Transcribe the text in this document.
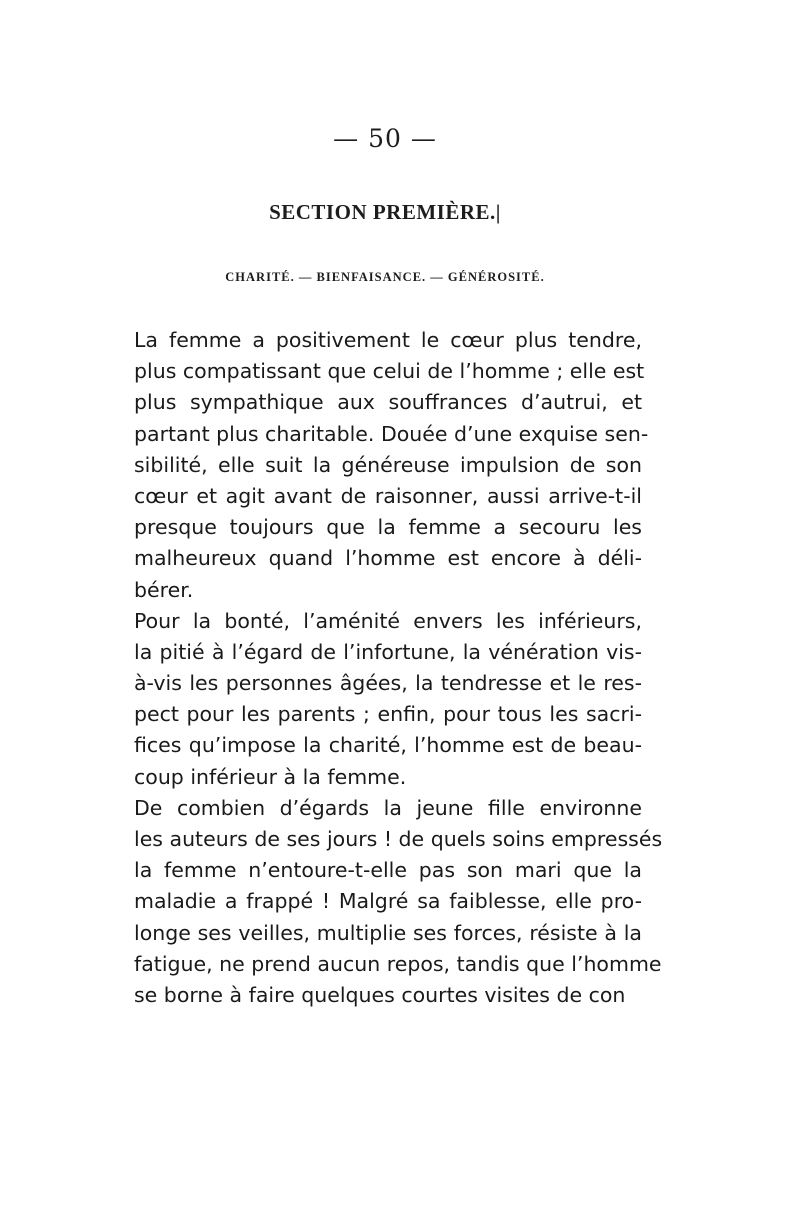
— 50 —
SECTION PREMIÈRE.|
CHARITÉ. — BIENFAISANCE. — GÉNÉROSITÉ.
La femme a positivement le cœur plus tendre,
plus compatissant que celui de l’homme ; elle est
plus sympathique aux souffrances d’autrui, et
partant plus charitable. Douée d’une exquise sen-
sibilité, elle suit la généreuse impulsion de son
cœur et agit avant de raisonner, aussi arrive-t-il
presque toujours que la femme a secouru les
malheureux quand l’homme est encore à déli-
bérer.
Pour la bonté, l’aménité envers les inférieurs,
la pitié à l’égard de l’infortune, la vénération vis-
à-vis les personnes âgées, la tendresse et le res-
pect pour les parents ; enfin, pour tous les sacri-
fices qu’impose la charité, l’homme est de beau-
coup inférieur à la femme.
De combien d’égards la jeune fille environne
les auteurs de ses jours ! de quels soins empressés
la femme n’entoure-t-elle pas son mari que la
maladie a frappé ! Malgré sa faiblesse, elle pro-
longe ses veilles, multiplie ses forces, résiste à la
fatigue, ne prend aucun repos, tandis que l’homme
se borne à faire quelques courtes visites de con
